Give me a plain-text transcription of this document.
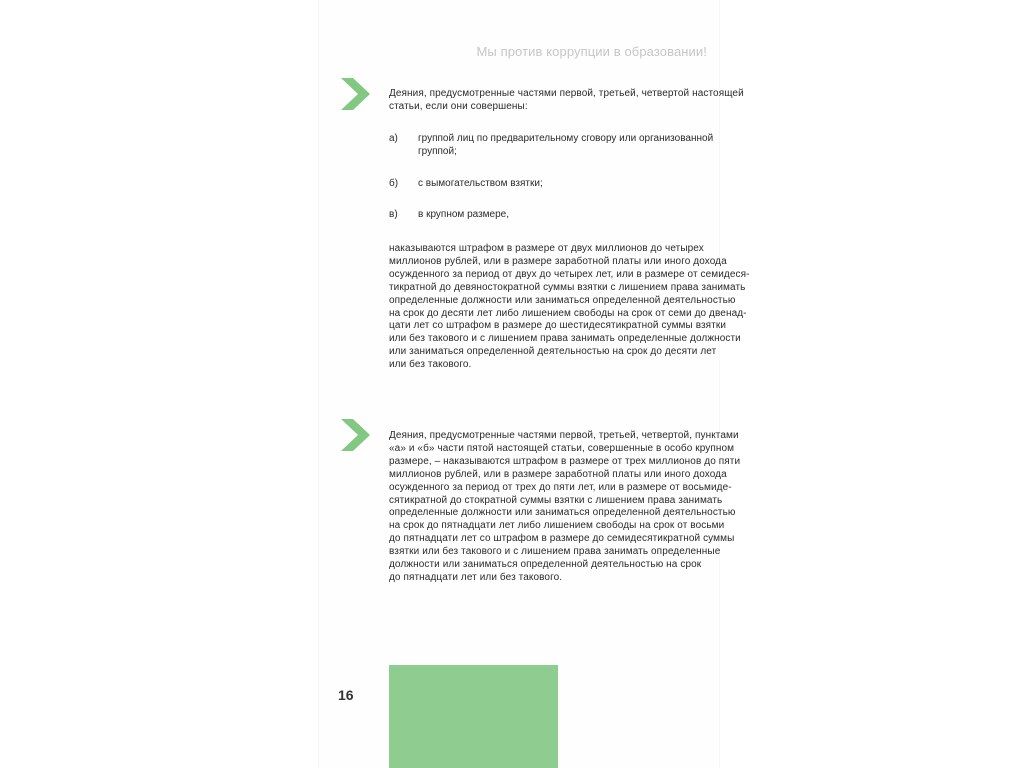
Мы против коррупции в образовании!
Деяния, предусмотренные частями первой, третьей, четвертой настоящей
статьи, если они совершены:
а) группой лиц по предварительному сговору или организованной
группой;
б) с вымогательством взятки;
в) в крупном размере,
наказываются штрафом в размере от двух миллионов до четырех
миллионов рублей, или в размере заработной платы или иного дохода
осужденного за период от двух до четырех лет, или в размере от семидеся-
тикратной до девяностократной суммы взятки с лишением права занимать
определенные должности или заниматься определенной деятельностью
на срок до десяти лет либо лишением свободы на срок от семи до двенад-
цати лет со штрафом в размере до шестидесятикратной суммы взятки
или без такового и с лишением права занимать определенные должности
или заниматься определенной деятельностью на срок до десяти лет
или без такового.
Деяния, предусмотренные частями первой, третьей, четвертой, пунктами
«а» и «б» части пятой настоящей статьи, совершенные в особо крупном
размере, – наказываются штрафом в размере от трех миллионов до пяти
миллионов рублей, или в размере заработной платы или иного дохода
осужденного за период от трех до пяти лет, или в размере от восьмиде-
сятикратной до стократной суммы взятки с лишением права занимать
определенные должности или заниматься определенной деятельностью
на срок до пятнадцати лет либо лишением свободы на срок от восьми
до пятнадцати лет со штрафом в размере до семидесятикратной суммы
взятки или без такового и с лишением права занимать определенные
должности или заниматься определенной деятельностью на срок
до пятнадцати лет или без такового.
16
